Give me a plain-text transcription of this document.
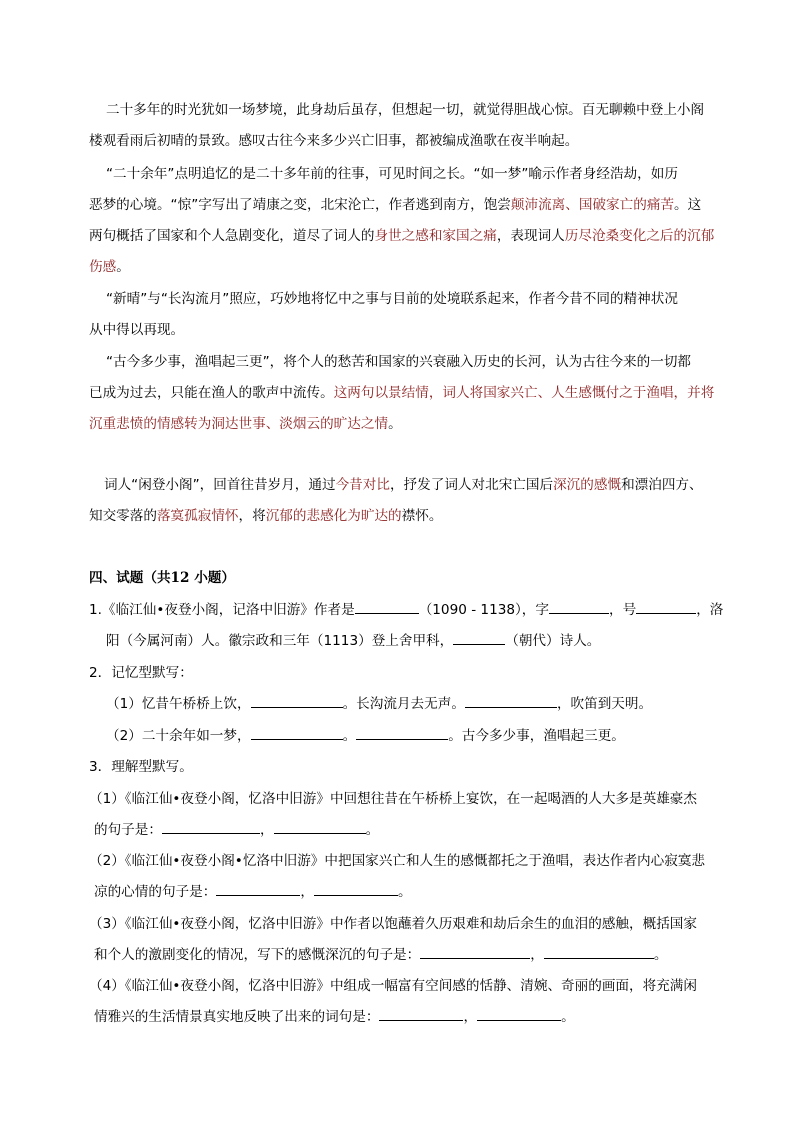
二十多年的时光犹如一场梦境，此身劫后虽存，但想起一切，就觉得胆战心惊。百无聊赖中登上小阁

楼观看雨后初晴的景致。感叹古往今来多少兴亡旧事，都被编成渔歌在夜半响起。

“二十余年”点明追忆的是二十多年前的往事，可见时间之长。“如一梦”喻示作者身经浩劫，如历

恶梦的心境。“惊”字写出了靖康之变，北宋沦亡，作者逃到南方，饱尝颠沛流离、国破家亡的痛苦。这

两句概括了国家和个人急剧变化，道尽了词人的身世之感和家国之痛，表现词人历尽沧桑变化之后的沉郁

伤感。

“新晴”与“长沟流月”照应，巧妙地将忆中之事与目前的处境联系起来，作者今昔不同的精神状况

从中得以再现。

“古今多少事，渔唱起三更”，将个人的愁苦和国家的兴衰融入历史的长河，认为古往今来的一切都

已成为过去，只能在渔人的歌声中流传。这两句以景结情，词人将国家兴亡、人生感慨付之于渔唱，并将

沉重悲愤的情感转为洞达世事、淡烟云的旷达之情。

词人“闲登小阁”，回首往昔岁月，通过今昔对比，抒发了词人对北宋亡国后深沉的感慨和漂泊四方、

知交零落的落寞孤寂情怀，将沉郁的悲感化为旷达的襟怀。

四、试题（共12 小题）

1.《临江仙•夜登小阁，记洛中旧游》作者是	（1090 - 1138），字	，号	，洛

阳（今属河南）人。徽宗政和三年（1113）登上舍甲科，	（朝代）诗人。

2．记忆型默写：

（1）忆昔午桥桥上饮，	。长沟流月去无声。	，吹笛到天明。

（2）二十余年如一梦，	。	。古今多少事，渔唱起三更。

3．理解型默写。

（1）《临江仙•夜登小阁，忆洛中旧游》中回想往昔在午桥桥上宴饮，在一起喝酒的人大多是英雄豪杰

的句子是：	，	。

（2）《临江仙•夜登小阁•忆洛中旧游》中把国家兴亡和人生的感慨都托之于渔唱，表达作者内心寂寞悲

凉的心情的句子是：	，	。

（3）《临江仙•夜登小阁，忆洛中旧游》中作者以饱蘸着久历艰难和劫后余生的血泪的感触，概括国家

和个人的激剧变化的情况，写下的感慨深沉的句子是：	，	。

（4）《临江仙•夜登小阁，忆洛中旧游》中组成一幅富有空间感的恬静、清婉、奇丽的画面，将充满闲

情雅兴的生活情景真实地反映了出来的词句是：	，	。
